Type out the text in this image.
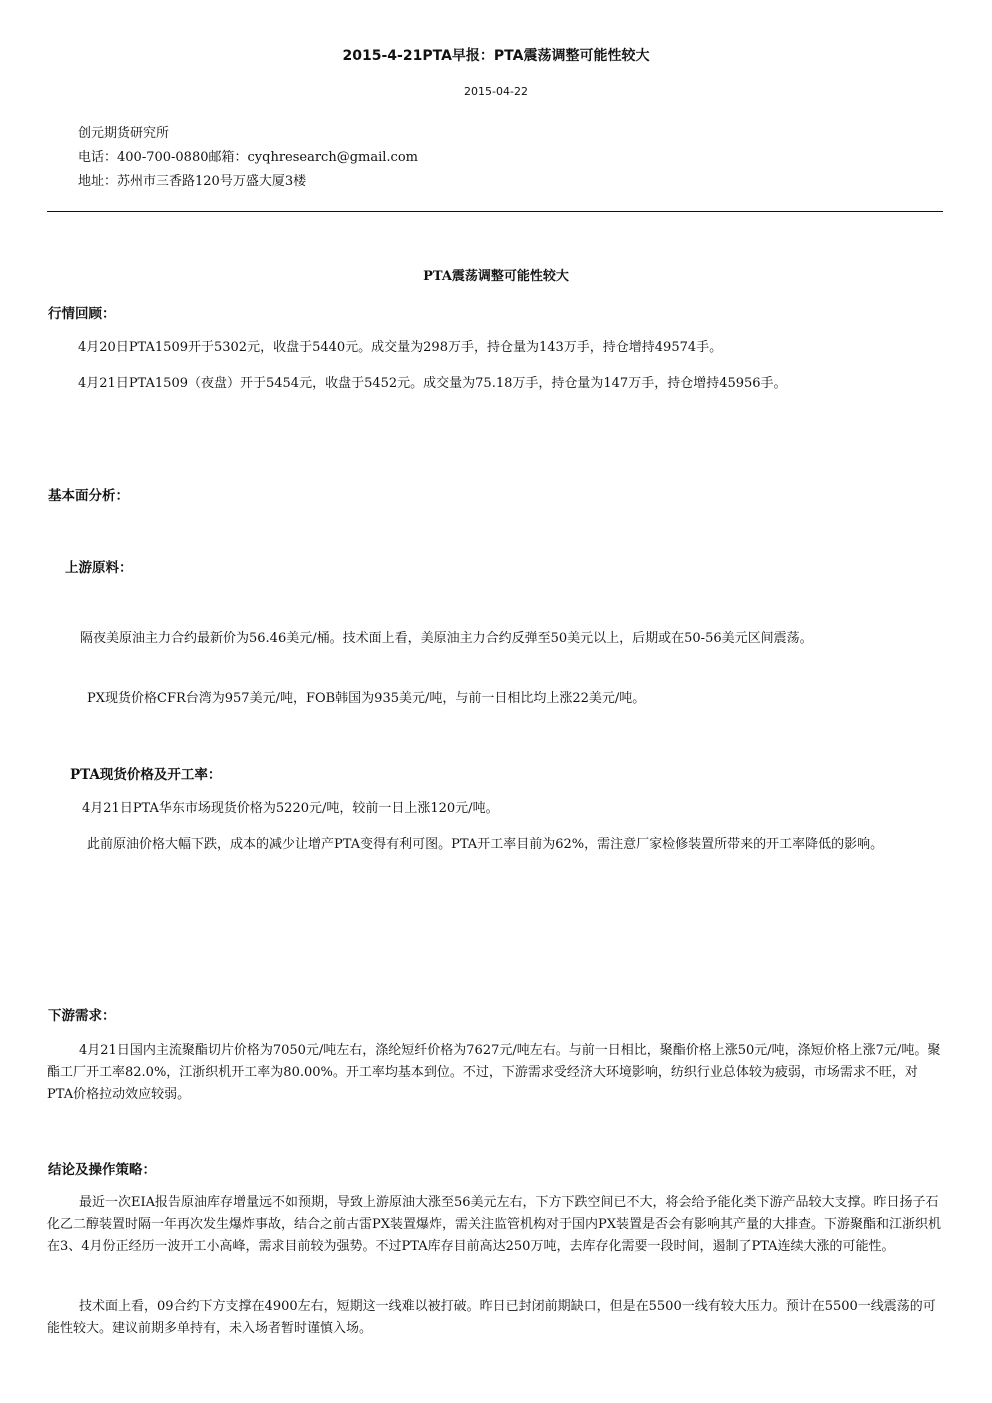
2015-4-21PTA早报：PTA震荡调整可能性较大
2015-04-22
创元期货研究所
电话：400-700-0880邮箱：cyqhresearch@gmail.com
地址：苏州市三香路120号万盛大厦3楼
PTA震荡调整可能性较大
行情回顾：
4月20日PTA1509开于5302元，收盘于5440元。成交量为298万手，持仓量为143万手，持仓增持49574手。
4月21日PTA1509（夜盘）开于5454元，收盘于5452元。成交量为75.18万手，持仓量为147万手，持仓增持45956手。
基本面分析：
上游原料：
隔夜美原油主力合约最新价为56.46美元/桶。技术面上看，美原油主力合约反弹至50美元以上，后期或在50-56美元区间震荡。
PX现货价格CFR台湾为957美元/吨，FOB韩国为935美元/吨，与前一日相比均上涨22美元/吨。
PTA现货价格及开工率：
4月21日PTA华东市场现货价格为5220元/吨，较前一日上涨120元/吨。
此前原油价格大幅下跌，成本的减少让增产PTA变得有利可图。PTA开工率目前为62%，需注意厂家检修装置所带来的开工率降低的影响。
下游需求：
4月21日国内主流聚酯切片价格为7050元/吨左右，涤纶短纤价格为7627元/吨左右。与前一日相比，聚酯价格上涨50元/吨，涤短价格上涨7元/吨。聚酯工厂开工率82.0%，江浙织机开工率为80.00%。开工率均基本到位。不过，下游需求受经济大环境影响，纺织行业总体较为疲弱，市场需求不旺，对PTA价格拉动效应较弱。
结论及操作策略：
最近一次EIA报告原油库存增量远不如预期，导致上游原油大涨至56美元左右，下方下跌空间已不大，将会给予能化类下游产品较大支撑。昨日扬子石化乙二醇装置时隔一年再次发生爆炸事故，结合之前古雷PX装置爆炸，需关注监管机构对于国内PX装置是否会有影响其产量的大排查。下游聚酯和江浙织机在3、4月份正经历一波开工小高峰，需求目前较为强势。不过PTA库存目前高达250万吨，去库存化需要一段时间，遏制了PTA连续大涨的可能性。
技术面上看，09合约下方支撑在4900左右，短期这一线难以被打破。昨日已封闭前期缺口，但是在5500一线有较大压力。预计在5500一线震荡的可能性较大。建议前期多单持有，未入场者暂时谨慎入场。
